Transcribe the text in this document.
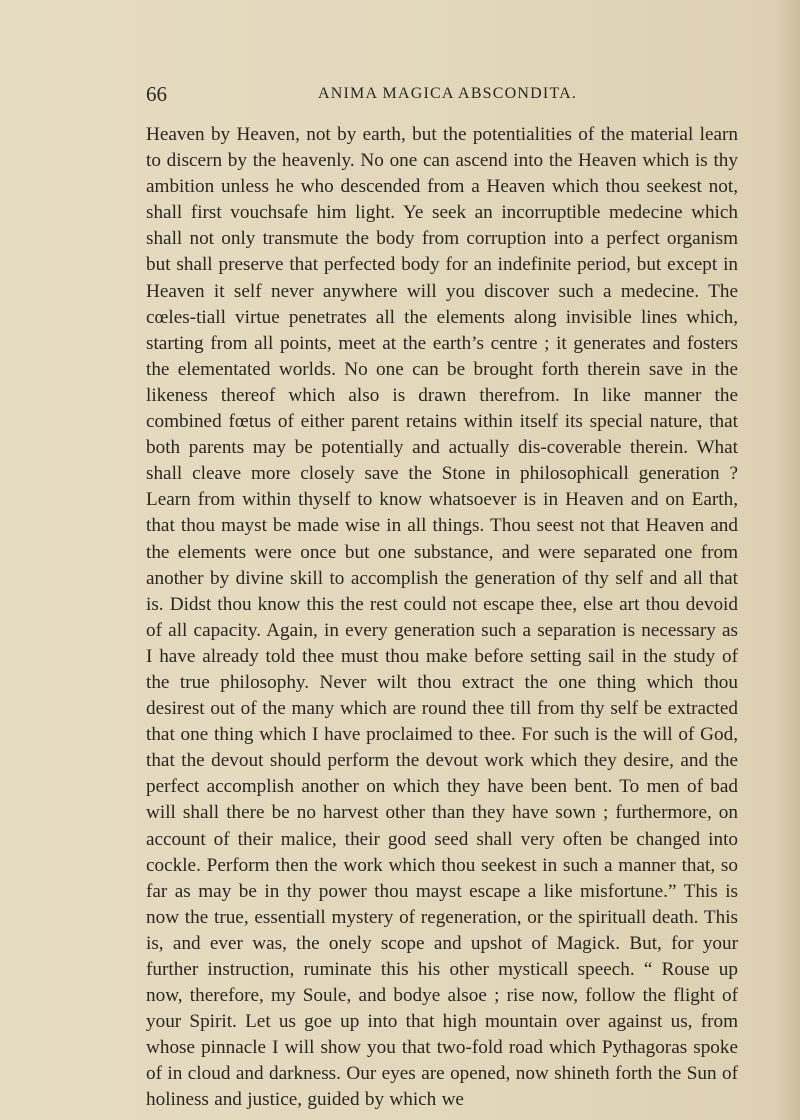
66	ANIMA MAGICA ABSCONDITA.

Heaven by Heaven, not by earth, but the potentialities of the material learn to discern by the heavenly. No one can ascend into the Heaven which is thy ambition unless he who descended from a Heaven which thou seekest not, shall first vouchsafe him light. Ye seek an incorruptible medecine which shall not only transmute the body from corruption into a perfect organism but shall preserve that perfected body for an indefinite period, but except in Heaven it self never anywhere will you discover such a medecine. The cœles-tiall virtue penetrates all the elements along invisible lines which, starting from all points, meet at the earth’s centre ; it generates and fosters the elementated worlds. No one can be brought forth therein save in the likeness thereof which also is drawn therefrom. In like manner the combined fœtus of either parent retains within itself its special nature, that both parents may be potentially and actually dis-coverable therein. What shall cleave more closely save the Stone in philosophicall generation ? Learn from within thyself to know whatsoever is in Heaven and on Earth, that thou mayst be made wise in all things. Thou seest not that Heaven and the elements were once but one substance, and were separated one from another by divine skill to accomplish the generation of thy self and all that is. Didst thou know this the rest could not escape thee, else art thou devoid of all capacity. Again, in every generation such a separation is necessary as I have already told thee must thou make before setting sail in the study of the true philosophy. Never wilt thou extract the one thing which thou desirest out of the many which are round thee till from thy self be extracted that one thing which I have proclaimed to thee. For such is the will of God, that the devout should perform the devout work which they desire, and the perfect accomplish another on which they have been bent. To men of bad will shall there be no harvest other than they have sown ; furthermore, on account of their malice, their good seed shall very often be changed into cockle. Perform then the work which thou seekest in such a manner that, so far as may be in thy power thou mayst escape a like misfortune.” This is now the true, essentiall mystery of regeneration, or the spirituall death. This is, and ever was, the onely scope and upshot of Magick. But, for your further instruction, ruminate this his other mysticall speech. “ Rouse up now, therefore, my Soule, and bodye alsoe ; rise now, follow the flight of your Spirit. Let us goe up into that high mountain over against us, from whose pinnacle I will show you that two-fold road which Pythagoras spoke of in cloud and darkness. Our eyes are opened, now shineth forth the Sun of holiness and justice, guided by which we
